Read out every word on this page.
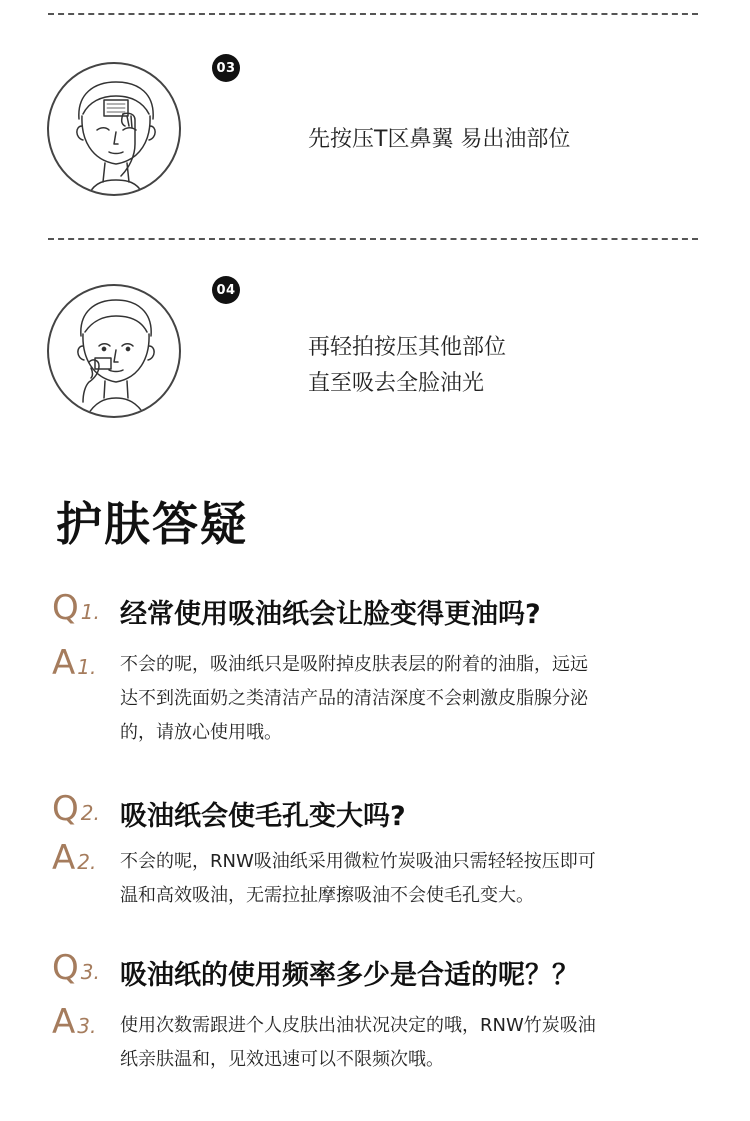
03
先按压T区鼻翼 易出油部位
04
再轻拍按压其他部位
直至吸去全脸油光
护肤答疑
Q 1. 经常使用吸油纸会让脸变得更油吗?
A 1. 不会的呢，吸油纸只是吸附掉皮肤表层的附着的油脂，远远
达不到洗面奶之类清洁产品的清洁深度不会刺激皮脂腺分泌
的，请放心使用哦。
Q 2. 吸油纸会使毛孔变大吗?
A 2. 不会的呢，RNW吸油纸采用微粒竹炭吸油只需轻轻按压即可
温和高效吸油，无需拉扯摩擦吸油不会使毛孔变大。
Q 3. 吸油纸的使用频率多少是合适的呢？？
A 3. 使用次数需跟进个人皮肤出油状况决定的哦，RNW竹炭吸油
纸亲肤温和，见效迅速可以不限频次哦。
